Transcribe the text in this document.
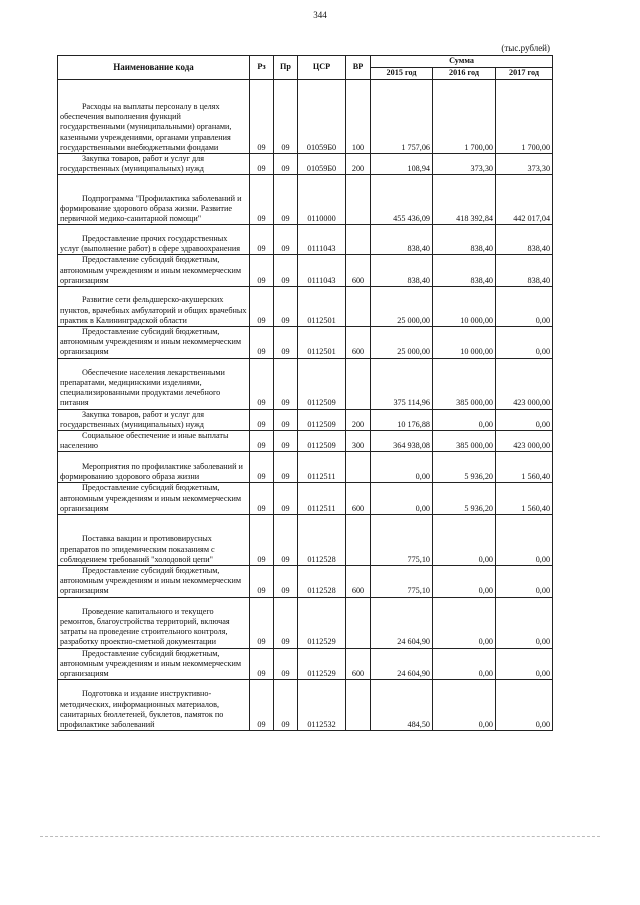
344
(тыс.рублей)
Наименование кода	Рз	Пр	ЦСР	ВР	Сумма		
					2015 год	2016 год	2017 год
Расходы на выплаты персоналу в целях обеспечения выполнения функций государственными (муниципальными) органами, казенными учреждениями, органами управления государственными внебюджетными фондами	09	09	01059Б0	100	1 757,06	1 700,00	1 700,00
Закупка товаров, работ и услуг для государственных (муниципальных) нужд	09	09	01059Б0	200	108,94	373,30	373,30
Подпрограмма "Профилактика заболеваний и формирование здорового образа жизни. Развитие первичной медико-санитарной помощи"	09	09	0110000		455 436,09	418 392,84	442 017,04
Предоставление прочих государственных услуг (выполнение работ) в сфере здравоохранения	09	09	0111043		838,40	838,40	838,40
Предоставление субсидий бюджетным, автономным учреждениям и иным некоммерческим организациям	09	09	0111043	600	838,40	838,40	838,40
Развитие сети фельдшерско-акушерских пунктов, врачебных амбулаторий и общих врачебных практик в Калининградской области	09	09	0112501		25 000,00	10 000,00	0,00
Предоставление субсидий бюджетным, автономным учреждениям и иным некоммерческим организациям	09	09	0112501	600	25 000,00	10 000,00	0,00
Обеспечение населения лекарственными препаратами, медицинскими изделиями, специализированными продуктами лечебного питания	09	09	0112509		375 114,96	385 000,00	423 000,00
Закупка товаров, работ и услуг для государственных (муниципальных) нужд	09	09	0112509	200	10 176,88	0,00	0,00
Социальное обеспечение и иные выплаты населению	09	09	0112509	300	364 938,08	385 000,00	423 000,00
Мероприятия по профилактике заболеваний и формированию здорового образа жизни	09	09	0112511		0,00	5 936,20	1 560,40
Предоставление субсидий бюджетным, автономным учреждениям и иным некоммерческим организациям	09	09	0112511	600	0,00	5 936,20	1 560,40
Поставка вакцин и противовирусных препаратов по эпидемическим показаниям с соблюдением требований "холодовой цепи"	09	09	0112528		775,10	0,00	0,00
Предоставление субсидий бюджетным, автономным учреждениям и иным некоммерческим организациям	09	09	0112528	600	775,10	0,00	0,00
Проведение капитального и текущего ремонтов, благоустройства территорий, включая затраты на проведение строительного контроля, разработку проектно-сметной документации	09	09	0112529		24 604,90	0,00	0,00
Предоставление субсидий бюджетным, автономным учреждениям и иным некоммерческим организациям	09	09	0112529	600	24 604,90	0,00	0,00
Подготовка и издание инструктивно-методических, информационных материалов, санитарных бюллетеней, буклетов, памяток по профилактике заболеваний	09	09	0112532		484,50	0,00	0,00
